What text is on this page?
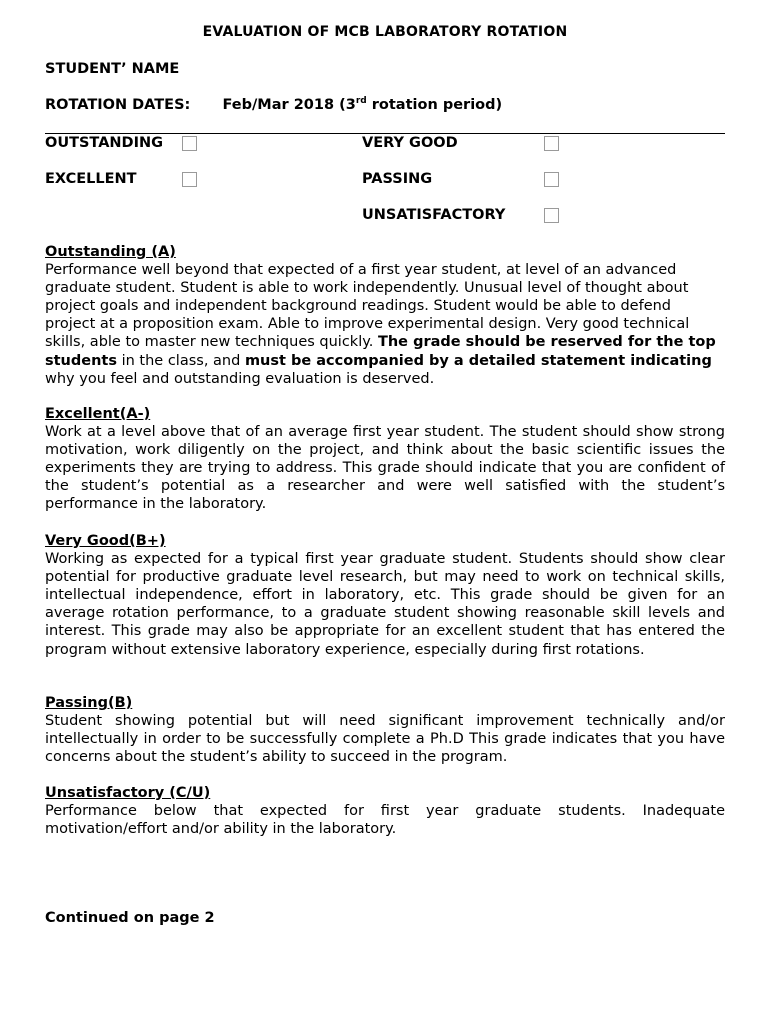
EVALUATION OF MCB LABORATORY ROTATION
STUDENT’ NAME
ROTATION DATES: Feb/Mar 2018 (3rd rotation period)
OUTSTANDING	VERY GOOD
EXCELLENT	PASSING
UNSATISFACTORY
Outstanding (A)

Performance well beyond that expected of a first year student, at level of an advanced graduate student. Student is able to work independently. Unusual level of thought about project goals and independent background readings. Student would be able to defend project at a proposition exam. Able to improve experimental design. Very good technical skills, able to master new techniques quickly. The grade should be reserved for the top students in the class, and must be accompanied by a detailed statement indicating why you feel and outstanding evaluation is deserved.

Excellent(A-)

Work at a level above that of an average first year student. The student should show strong motivation, work diligently on the project, and think about the basic scientific issues the experiments they are trying to address. This grade should indicate that you are confident of the student’s potential as a researcher and were well satisfied with the student’s performance in the laboratory.

Very Good(B+)

Working as expected for a typical first year graduate student. Students should show clear potential for productive graduate level research, but may need to work on technical skills, intellectual independence, effort in laboratory, etc. This grade should be given for an average rotation performance, to a graduate student showing reasonable skill levels and interest. This grade may also be appropriate for an excellent student that has entered the program without extensive laboratory experience, especially during first rotations.

Passing(B)

Student showing potential but will need significant improvement technically and/or intellectually in order to be successfully complete a Ph.D This grade indicates that you have concerns about the student’s ability to succeed in the program.

Unsatisfactory (C/U)

Performance below that expected for first year graduate students. Inadequate motivation/effort and/or ability in the laboratory.

Continued on page 2
